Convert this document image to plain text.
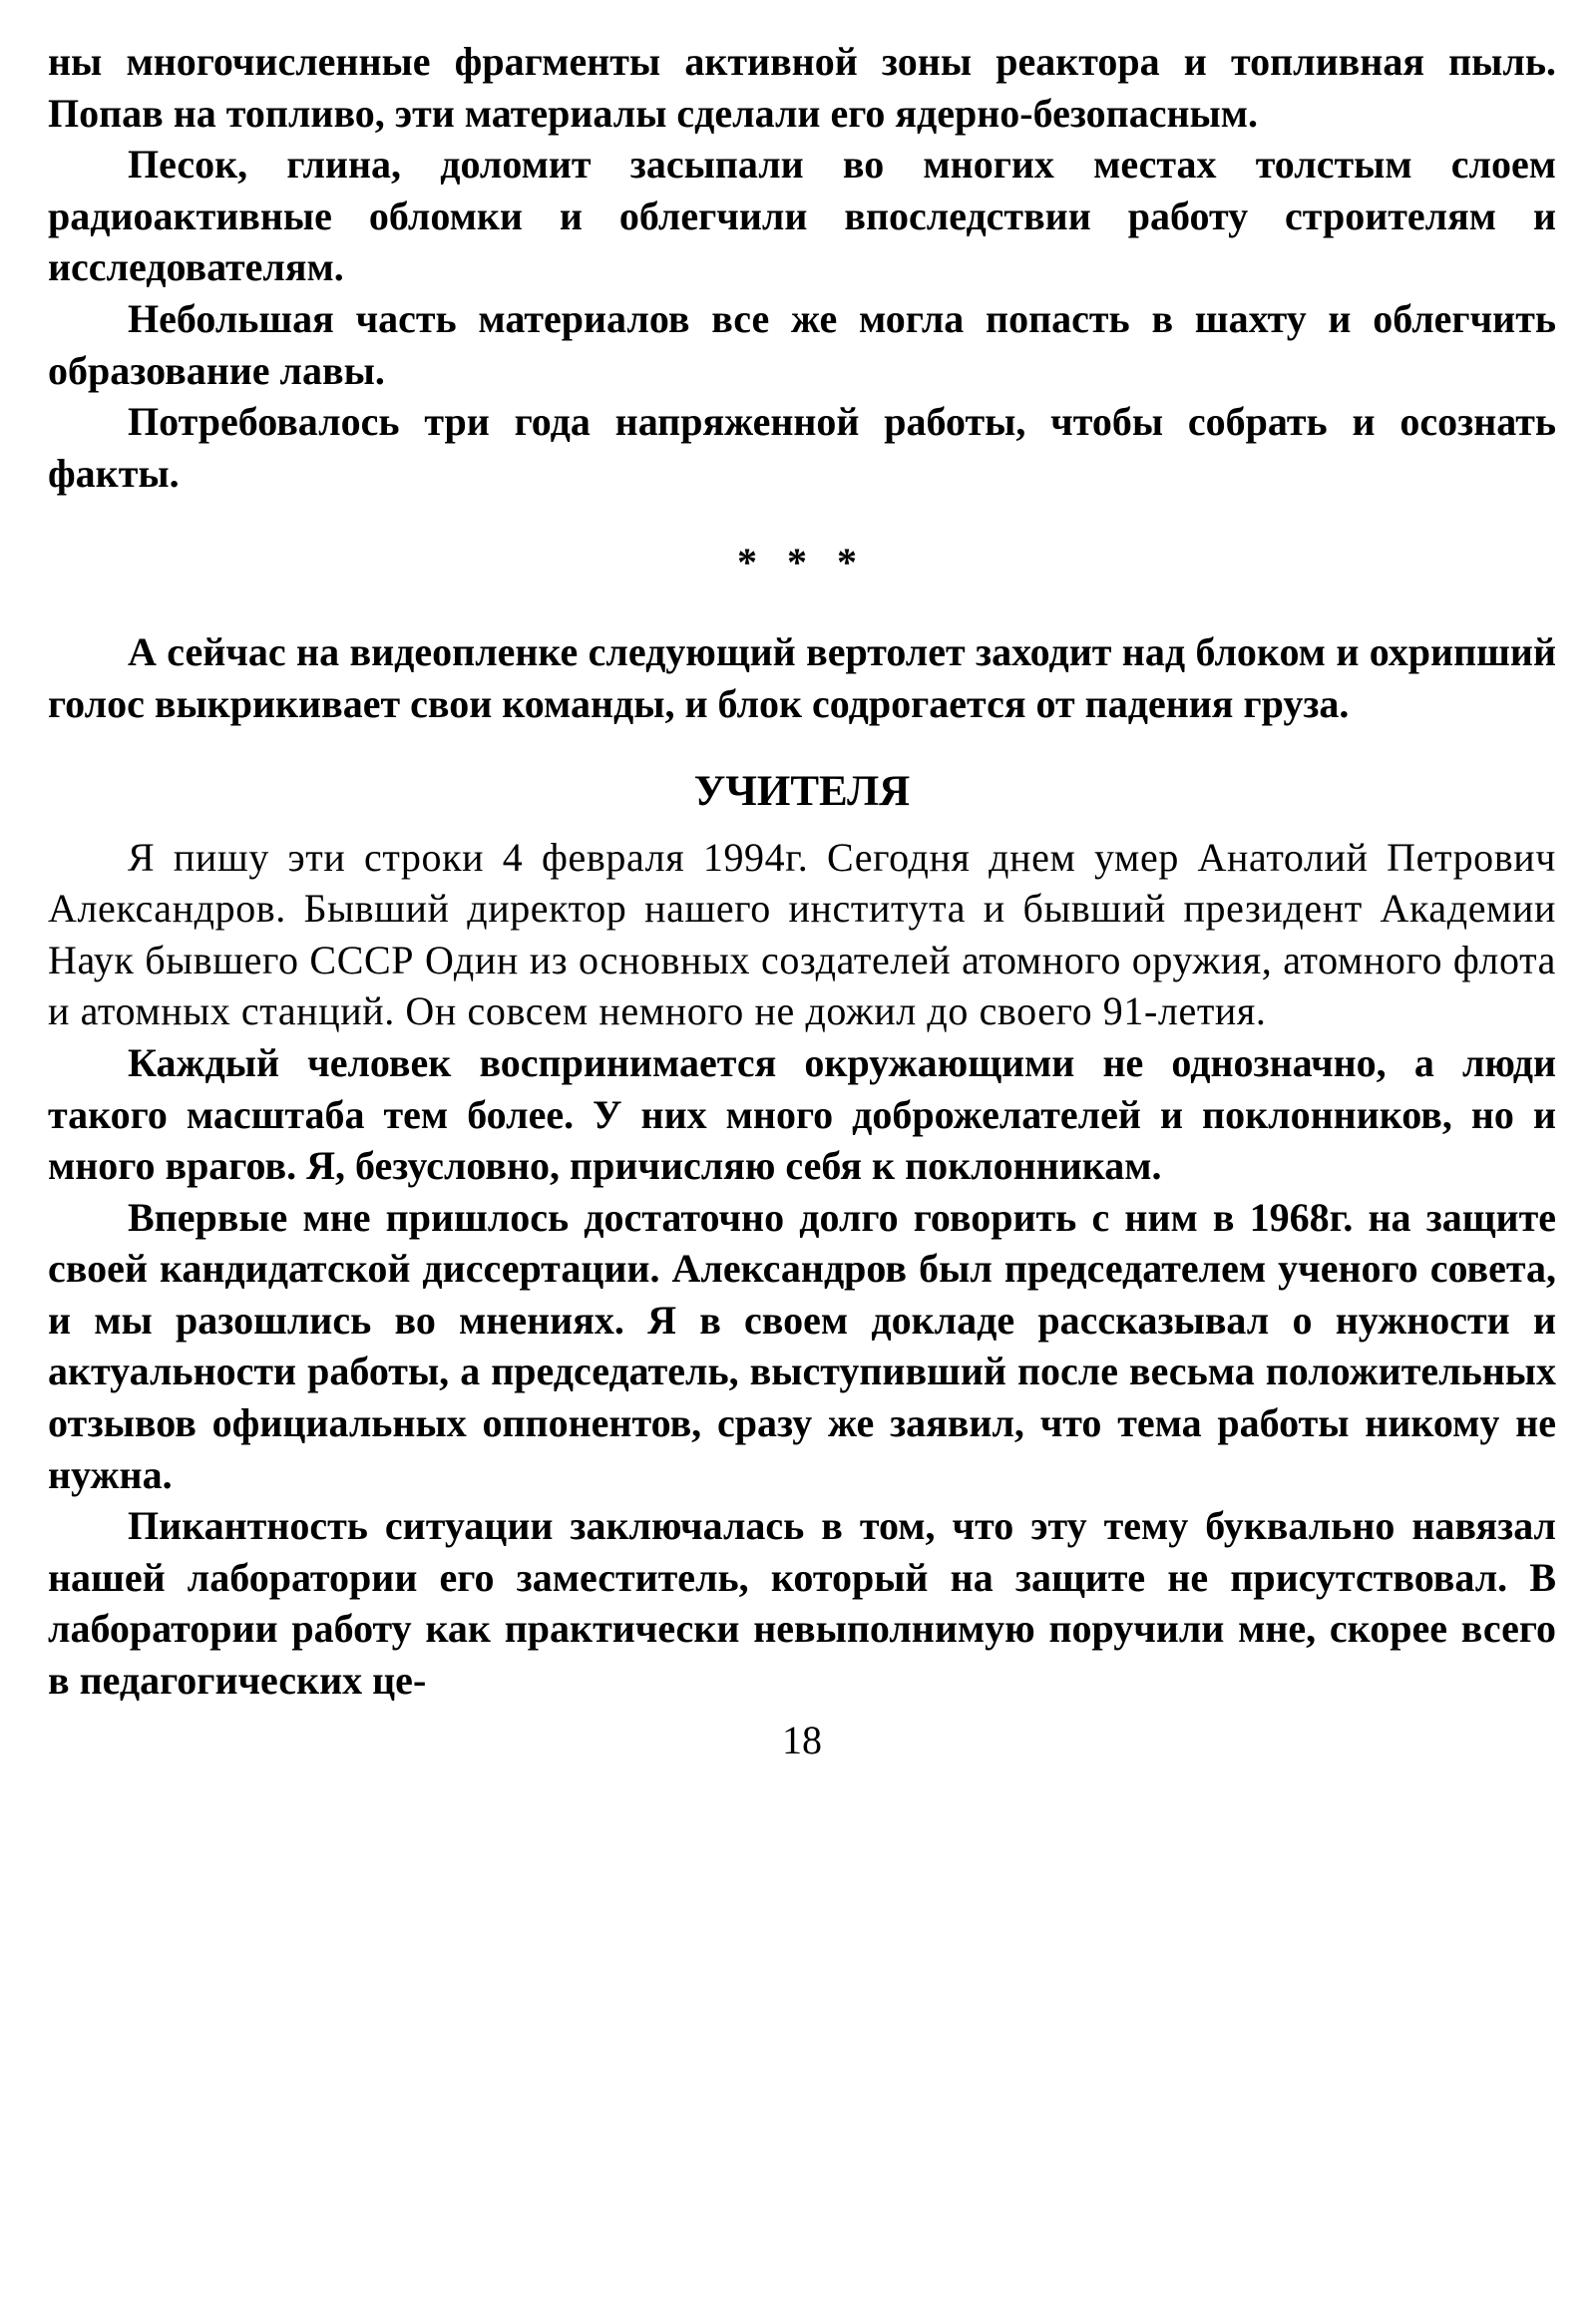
ны многочисленные фрагменты активной зоны реактора и топливная пыль. Попав на топливо, эти материалы сделали его ядерно-безопасным.

Песок, глина, доломит засыпали во многих местах толстым слоем радиоактивные обломки и облегчили впоследствии работу строителям и исследователям.

Небольшая часть материалов все же могла попасть в шахту и облегчить образование лавы.

Потребовалось три года напряженной работы, чтобы собрать и осознать факты.

* * *

А сейчас на видеопленке следующий вертолет заходит над блоком и охрипший голос выкрикивает свои команды, и блок содрогается от падения груза.

УЧИТЕЛЯ

Я пишу эти строки 4 февраля 1994г. Сегодня днем умер Анатолий Петрович Александров. Бывший директор нашего института и бывший президент Академии Наук бывшего СССР Один из основных создателей атомного оружия, атомного флота и атомных станций. Он совсем немного не дожил до своего 91-летия.

Каждый человек воспринимается окружающими не однозначно, а люди такого масштаба тем более. У них много доброжелателей и поклонников, но и много врагов. Я, безусловно, причисляю себя к поклонникам.

Впервые мне пришлось достаточно долго говорить с ним в 1968г. на защите своей кандидатской диссертации. Александров был председателем ученого совета, и мы разошлись во мнениях. Я в своем докладе рассказывал о нужности и актуальности работы, а председатель, выступивший после весьма положительных отзывов официальных оппонентов, сразу же заявил, что тема работы никому не нужна.

Пикантность ситуации заключалась в том, что эту тему буквально навязал нашей лаборатории его заместитель, который на защите не присутствовал. В лаборатории работу как практически невыполнимую поручили мне, скорее всего в педагогических це-

18
